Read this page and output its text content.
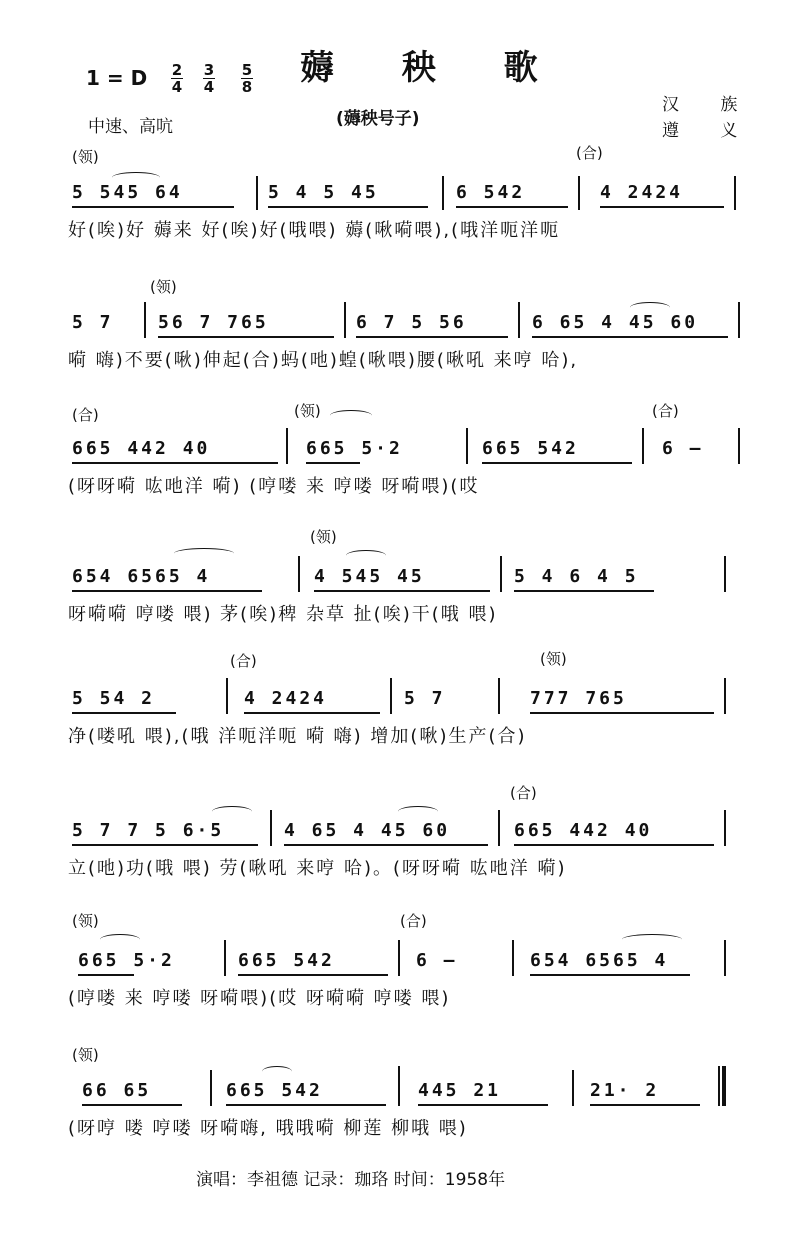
薅 秧 歌
1 = D 2
4
3
4
5
8
中速、高吭	(薅秧号子)
汉 族
遵 义
(领)	(合)
5 545 64	5 4 5 45	6 542	4 2424
好(唉)好 薅来 好(唉)好(哦喂) 薅(啾嗬喂),(哦洋呃洋呃
(领)
5 7 56 7 765	6 7 5 56	6 65 4 45 60
嗬 嗨)不要(啾)伸起(合)蚂(吔)蝗(啾喂)腰(啾吼 来哼 哈),
(合)	(领)	(合)
665 442 40	665 5·2	665 542	6 —
(呀呀嗬 吰吔洋 嗬) (哼喽 来 哼喽 呀嗬喂)(哎
(领)
654 6565 4	4 545 45	5 4 6 4 5
呀嗬嗬 哼喽 喂) 茅(唉)稗 杂草 扯(唉)干(哦 喂)
(合)	(领)
5 54 2	4 2424	5 7	777 765
净(喽吼 喂),(哦 洋呃洋呃 嗬 嗨) 增加(啾)生产(合)
(合)
5 7 7 5 6·5	4 65 4 45 60	665 442 40
立(吔)功(哦 喂) 劳(啾吼 来哼 哈)。(呀呀嗬 吰吔洋 嗬)
(领)	(合)
665 5·2	665 542	6 —	654 6565 4
(哼喽 来 哼喽 呀嗬喂)(哎 呀嗬嗬 哼喽 喂)
(领)
66 65	665 542	445 21	21· 2
(呀哼 喽 哼喽 呀嗬嗨, 哦哦嗬 柳莲 柳哦 喂)
演唱：李祖德 记录：珈珞 时间：1958年
